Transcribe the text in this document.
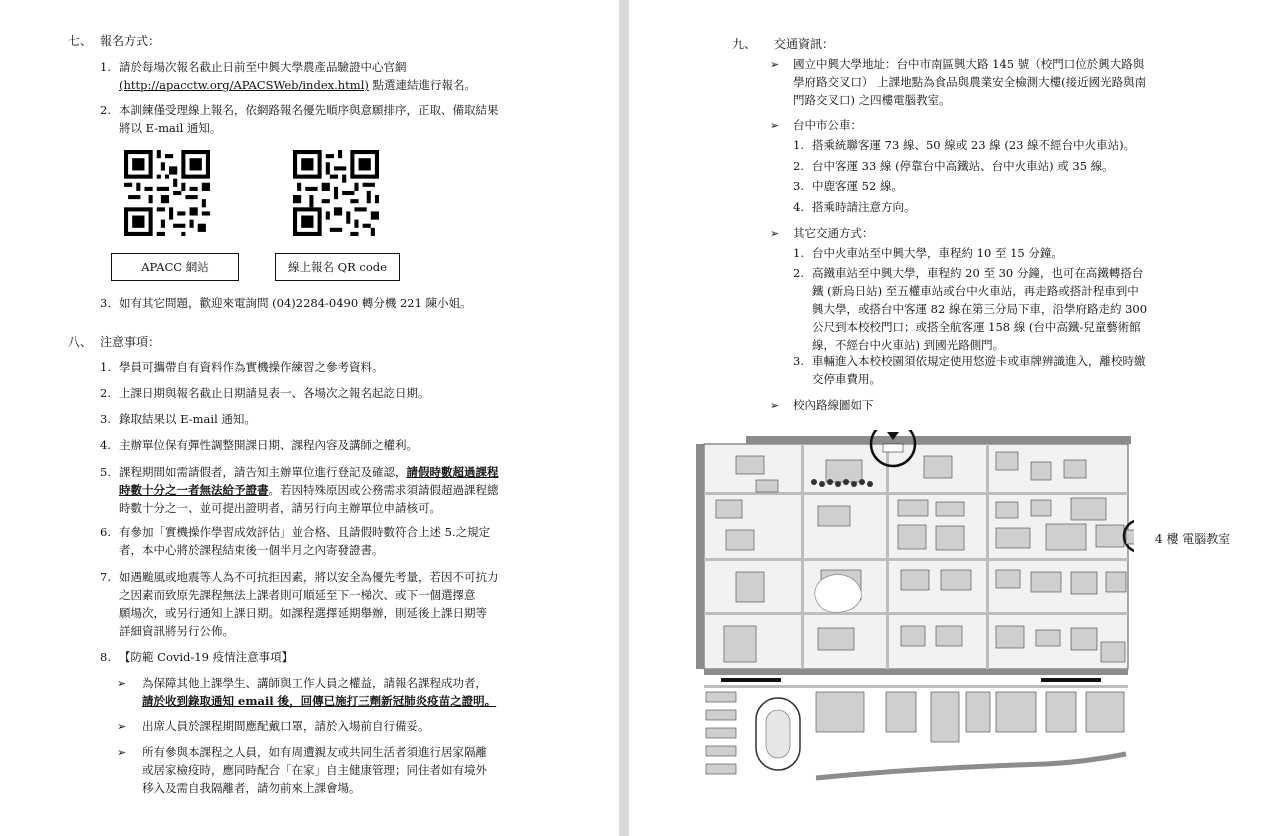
七、 報名方式：
1. 請於每場次報名截止日前至中興大學農產品驗證中心官網
(http://apacctw.org/APACSWeb/index.html) 點選連結進行報名。
2. 本訓練僅受理線上報名，依網路報名優先順序與意願排序，正取、備取結果
將以 E-mail 通知。
APACC 網站	線上報名 QR code
3. 如有其它問題，歡迎來電詢問 (04)2284-0490 轉分機 221 陳小姐。
八、 注意事項：
1. 學員可攜帶自有資料作為實機操作練習之參考資料。
2. 上課日期與報名截止日期請見表一、各場次之報名起訖日期。
3. 錄取結果以 E-mail 通知。
4. 主辦單位保有彈性調整開課日期、課程內容及講師之權利。
5. 課程期間如需請假者，請告知主辦單位進行登記及確認，請假時數超過課程
時數十分之一者無法給予證書。若因特殊原因或公務需求須請假超過課程總
時數十分之一、並可提出證明者，請另行向主辦單位申請核可。
6. 有參加「實機操作學習成效評估」並合格、且請假時數符合上述 5.之規定
者，本中心將於課程結束後一個半月之內寄發證書。
7. 如遇颱風或地震等人為不可抗拒因素，將以安全為優先考量，若因不可抗力
之因素而致原先課程無法上課者則可順延至下一梯次、或下一個選擇意
願場次，或另行通知上課日期。如課程選擇延期舉辦，則延後上課日期等
詳細資訊將另行公佈。
8. 【防範 Covid-19 疫情注意事項】
➢ 為保障其他上課學生、講師與工作人員之權益，請報名課程成功者，
請於收到錄取通知 email 後，回傳已施打三劑新冠肺炎疫苗之證明。
➢ 出席人員於課程期間應配戴口罩，請於入場前自行備妥。
➢ 所有參與本課程之人員，如有周遭親友或共同生活者須進行居家隔離
或居家檢疫時，應同時配合「在家」自主健康管理；同住者如有境外
移入及需自我隔離者，請勿前來上課會場。
九、 交通資訊：
➢ 國立中興大學地址：台中市南區興大路 145 號（校門口位於興大路與
學府路交叉口） 上課地點為食品與農業安全檢測大樓(接近國光路與南
門路交叉口) 之四樓電腦教室。
➢ 台中市公車：
1. 搭乘統聯客運 73 線、50 線或 23 線 (23 線不經台中火車站)。
2. 台中客運 33 線 (停靠台中高鐵站、台中火車站) 或 35 線。
3. 中鹿客運 52 線。
4. 搭乘時請注意方向。
➢ 其它交通方式：
1. 台中火車站至中興大學，車程約 10 至 15 分鐘。
2. 高鐵車站至中興大學，車程約 20 至 30 分鐘，也可在高鐵轉搭台
鐵 (新烏日站) 至五權車站或台中火車站，再走路或搭計程車到中
興大學，或搭台中客運 82 線在第三分局下車，沿學府路走約 300
公尺到本校校門口；或搭全航客運 158 線 (台中高鐵-兒童藝術館
線，不經台中火車站) 到國光路側門。
3. 車輛進入本校校園須依規定使用悠遊卡或車牌辨識進入，離校時繳
交停車費用。
➢ 校內路線圖如下
4 樓 電腦教室
